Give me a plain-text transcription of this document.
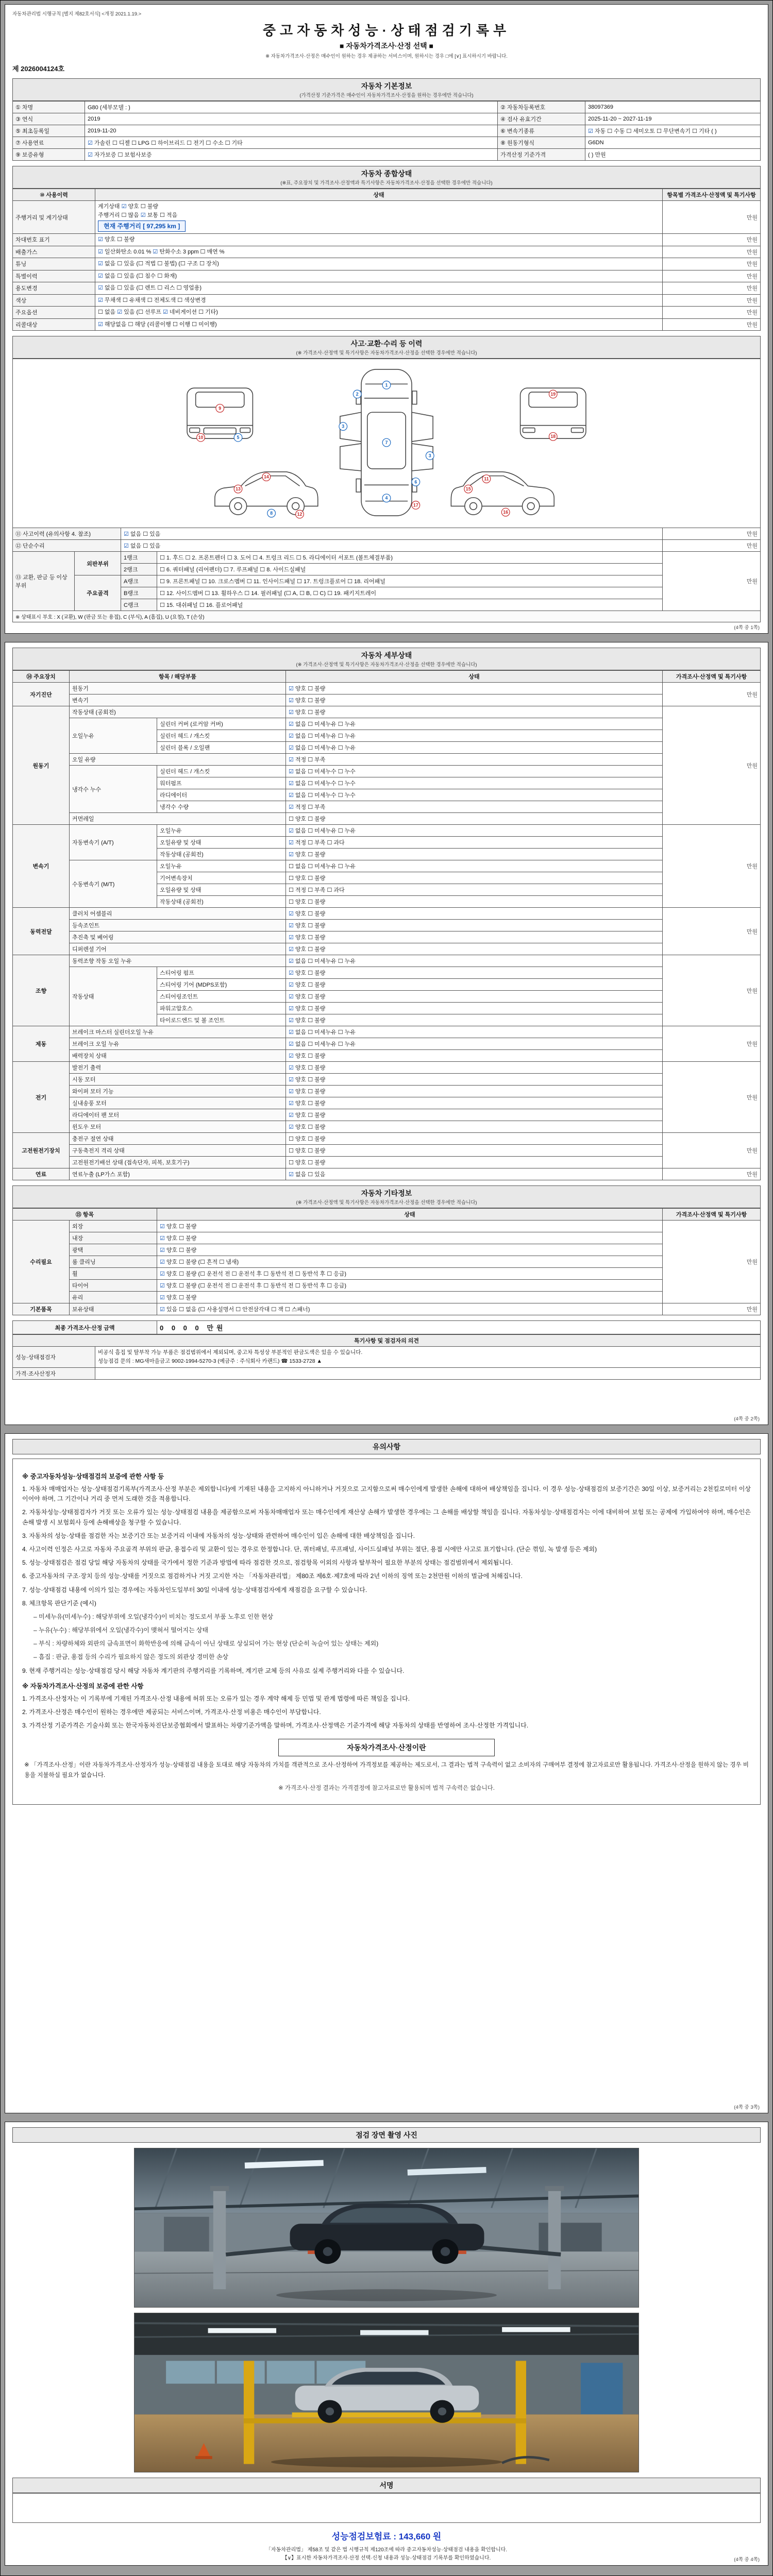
자동차관리법 시행규칙 [별지 제82호서식] <개정 2021.1.19.>
중고자동차성능·상태점검기록부
■ 자동차가격조사·산정 선택 ■
※ 자동차가격조사·산정은 매수인이 원하는 경우 제공하는 서비스이며, 원하시는 경우 □에 [∨] 표시하시기 바랍니다.
제 2026004124호
자동차 기본정보
(가격산정 기준가격은 매수인이 자동차가격조사·산정을 원하는 경우에만 적습니다)
① 차명	G80 (세부모델 : )	② 자동차등록번호	38097369
③ 연식	2019	④ 검사 유효기간	2025-11-20 ~ 2027-11-19
⑤ 최초등록일	2019-11-20	⑥ 변속기종류	☑ 자동 ☐ 수동 ☐ 세미오토 ☐ 무단변속기 ☐ 기타 ( )
⑦ 사용연료	☑ 가솔린 ☐ 디젤 ☐ LPG ☐ 하이브리드 ☐ 전기 ☐ 수소 ☐ 기타	⑧ 원동기형식	G6DN
⑨ 보증유형	☑ 자가보증 ☐ 보험사보증	가격산정 기준가격	( ) 만원
자동차 종합상태
(※표, 주요장치 및 가격조사·산정액과 특기사항은 자동차가격조사·산정을 선택한 경우에만 적습니다)
⑩ 사용이력	상태	항목별 가격조사·산정액 및 특기사항
주행거리 및 계기상태	계기상태 ☑ 양호 ☐ 불량
주행거리 ☐ 많음 ☑ 보통 ☐ 적음
현재 주행거리 [ 97,295 km ]	만원
차대번호 표기	☑ 양호 ☐ 불량	만원
배출가스	☑ 일산화탄소 0.01 % ☑ 탄화수소 3 ppm ☐ 매연 %	만원
튜닝	☑ 없음 ☐ 있음 (☐ 적법 ☐ 불법) (☐ 구조 ☐ 장치)	만원
특별이력	☑ 없음 ☐ 있음 (☐ 침수 ☐ 화재)	만원
용도변경	☑ 없음 ☐ 있음 (☐ 렌트 ☐ 리스 ☐ 영업용)	만원
색상	☑ 무채색 ☐ 유채색 ☐ 전체도색 ☐ 색상변경	만원
주요옵션	☐ 없음 ☑ 있음 (☐ 선루프 ☑ 네비게이션 ☐ 기타)	만원
리콜대상	☑ 해당없음 ☐ 해당 (리콜이행 ☐ 이행 ☐ 미이행)	만원
사고·교환·수리 등 이력
(※ 가격조사·산정액 및 특기사항은 자동차가격조사·산정을 선택한 경우에만 적습니다)
1
2
3
3
4
5
6
7
8
9
10
11
12
13
14
15
16
17
18
19

⑪ 사고이력 (유의사항 4. 참조)		☑ 없음 ☐ 있음		만원
⑫ 단순수리		☑ 없음 ☐ 있음		만원
⑬ 교환, 판금 등 이상 부위	외판부위	1랭크	☐ 1. 후드 ☐ 2. 프론트펜더 ☐ 3. 도어 ☐ 4. 트렁크 리드 ☐ 5. 라디에이터 서포트 (볼트체결부품)	만원
		2랭크	☐ 6. 쿼터패널 (리어펜더) ☐ 7. 루프패널 ☐ 8. 사이드실패널	
	주요골격	A랭크	☐ 9. 프론트패널 ☐ 10. 크로스멤버 ☐ 11. 인사이드패널 ☐ 17. 트렁크플로어 ☐ 18. 리어패널	
		B랭크	☐ 12. 사이드멤버 ☐ 13. 휠하우스 ☐ 14. 필러패널 (☐ A, ☐ B, ☐ C) ☐ 19. 패키지트레이	
		C랭크	☐ 15. 대쉬패널 ☐ 16. 플로어패널	
※ 상태표시 부호 : X (교환), W (판금 또는 용접), C (부식), A (흠집), U (요철), T (손상)				
(4쪽 중 1쪽)
자동차 세부상태
(※ 가격조사·산정액 및 특기사항은 자동차가격조사·산정을 선택한 경우에만 적습니다)
⑭ 주요장치	항목 / 해당부품		상태	가격조사·산정액 및 특기사항
자기진단	원동기		☑ 양호 ☐ 불량	만원
	변속기		☑ 양호 ☐ 불량	
원동기	작동상태 (공회전)		☑ 양호 ☐ 불량	만원
	오일누유	실린더 커버 (로커암 커버)	☑ 없음 ☐ 미세누유 ☐ 누유	
		실린더 헤드 / 개스킷	☑ 없음 ☐ 미세누유 ☐ 누유	
		실린더 블록 / 오일팬	☑ 없음 ☐ 미세누유 ☐ 누유	
	오일 유량		☑ 적정 ☐ 부족	
	냉각수 누수	실린더 헤드 / 개스킷	☑ 없음 ☐ 미세누수 ☐ 누수	
		워터펌프	☑ 없음 ☐ 미세누수 ☐ 누수	
		라디에이터	☑ 없음 ☐ 미세누수 ☐ 누수	
		냉각수 수량	☑ 적정 ☐ 부족	
	커먼레일		☐ 양호 ☐ 불량	
변속기	자동변속기 (A/T)	오일누유	☑ 없음 ☐ 미세누유 ☐ 누유	만원
		오일유량 및 상태	☑ 적정 ☐ 부족 ☐ 과다	
		작동상태 (공회전)	☑ 양호 ☐ 불량	
	수동변속기 (M/T)	오일누유	☐ 없음 ☐ 미세누유 ☐ 누유	
		기어변속장치	☐ 양호 ☐ 불량	
		오일유량 및 상태	☐ 적정 ☐ 부족 ☐ 과다	
		작동상태 (공회전)	☐ 양호 ☐ 불량	
동력전달	클러치 어셈블리		☑ 양호 ☐ 불량	만원
	등속조인트		☑ 양호 ☐ 불량	
	추진축 및 베어링		☑ 양호 ☐ 불량	
	디퍼렌셜 기어		☑ 양호 ☐ 불량	
조향	동력조향 작동 오일 누유		☑ 없음 ☐ 미세누유 ☐ 누유	만원
	작동상태	스티어링 펌프	☑ 양호 ☐ 불량	
		스티어링 기어 (MDPS포함)	☑ 양호 ☐ 불량	
		스티어링조인트	☑ 양호 ☐ 불량	
		파워고압호스	☑ 양호 ☐ 불량	
		타이로드엔드 및 볼 조인트	☑ 양호 ☐ 불량	
제동	브레이크 마스터 실린더오일 누유		☑ 없음 ☐ 미세누유 ☐ 누유	만원
	브레이크 오일 누유		☑ 없음 ☐ 미세누유 ☐ 누유	
	배력장치 상태		☑ 양호 ☐ 불량	
전기	발전기 출력		☑ 양호 ☐ 불량	만원
	시동 모터		☑ 양호 ☐ 불량	
	와이퍼 모터 기능		☑ 양호 ☐ 불량	
	실내송풍 모터		☑ 양호 ☐ 불량	
	라디에이터 팬 모터		☑ 양호 ☐ 불량	
	윈도우 모터		☑ 양호 ☐ 불량	
고전원전기장치	충전구 절연 상태		☐ 양호 ☐ 불량	만원
	구동축전지 격리 상태		☐ 양호 ☐ 불량	
	고전원전기배선 상태 (접속단자, 피복, 보호기구)		☐ 양호 ☐ 불량	
연료	연료누출 (LP가스 포함)		☑ 없음 ☐ 있음	만원
자동차 기타정보
(※ 가격조사·산정액 및 특기사항은 자동차가격조사·산정을 선택한 경우에만 적습니다)
⑮ 항목		상태	가격조사·산정액 및 특기사항
수리필요	외장	☑ 양호 ☐ 불량	만원
	내장	☑ 양호 ☐ 불량	
	광택	☑ 양호 ☐ 불량	
	룸 클리닝	☑ 양호 ☐ 불량 (☐ 흔적 ☐ 냄새)	
	휠	☑ 양호 ☐ 불량 (☐ 운전석 전 ☐ 운전석 후 ☐ 동반석 전 ☐ 동반석 후 ☐ 응급)	
	타이어	☑ 양호 ☐ 불량 (☐ 운전석 전 ☐ 운전석 후 ☐ 동반석 전 ☐ 동반석 후 ☐ 응급)	
	유리	☑ 양호 ☐ 불량	
기본품목	보유상태	☑ 있음 ☐ 없음 (☐ 사용설명서 ☐ 안전삼각대 ☐ 잭 ☐ 스패너)	만원
최종 가격조사·산정 금액	0 0 0 0 만원
특기사항 및 점검자의 의견	
성능·상태점검자	비공식 흠집 및 탈부착 가능 부품은 점검범위에서 제외되며, 중고차 특성상 부분적인 판금도색은 있을 수 있습니다.
성능점검 문의 : MG새마을금고 9002-1994-5270-3 (예금주 : 주식회사 카랜드) ☎ 1533-2728 ▲

가격·조사산정자	
(4쪽 중 2쪽)
유의사항
※ 중고자동차성능·상태점검의 보증에 관한 사항 등
1. 자동차 매매업자는 성능·상태점검기록부(가격조사·산정 부분은 제외합니다)에 기재된 내용을 고지하지 아니하거나 거짓으로 고지함으로써 매수인에게 발생한 손해에 대하여 배상책임을 집니다. 이 경우 성능·상태점검의 보증기간은 30일 이상, 보증거리는 2천킬로미터 이상이어야 하며, 그 기간이나 거리 중 먼저 도래한 것을 적용합니다.
2. 자동차성능·상태점검자가 거짓 또는 오류가 있는 성능·상태점검 내용을 제공함으로써 자동차매매업자 또는 매수인에게 재산상 손해가 발생한 경우에는 그 손해를 배상할 책임을 집니다. 자동차성능·상태점검자는 이에 대비하여 보험 또는 공제에 가입하여야 하며, 매수인은 손해 발생 시 보험회사 등에 손해배상을 청구할 수 있습니다.
3. 자동차의 성능·상태를 점검한 자는 보증기간 또는 보증거리 이내에 자동차의 성능·상태와 관련하여 매수인이 입은 손해에 대한 배상책임을 집니다.
4. 사고이력 인정은 사고로 자동차 주요골격 부위의 판금, 용접수리 및 교환이 있는 경우로 한정합니다. 단, 쿼터패널, 루프패널, 사이드실패널 부위는 절단, 용접 시에만 사고로 표기합니다. (단순 꺾임, 녹 발생 등은 제외)
5. 성능·상태점검은 점검 당일 해당 자동차의 상태를 국가에서 정한 기준과 방법에 따라 점검한 것으로, 점검항목 이외의 사항과 탈부착이 필요한 부분의 상태는 점검범위에서 제외됩니다.
6. 중고자동차의 구조·장치 등의 성능·상태를 거짓으로 점검하거나 거짓 고지한 자는 「자동차관리법」 제80조 제6호·제7호에 따라 2년 이하의 징역 또는 2천만원 이하의 벌금에 처해집니다.
7. 성능·상태점검 내용에 이의가 있는 경우에는 자동차인도일부터 30일 이내에 성능·상태점검자에게 재점검을 요구할 수 있습니다.
8. 체크항목 판단기준 (예시)
– 미세누유(미세누수) : 해당부위에 오일(냉각수)이 비치는 정도로서 부품 노후로 인한 현상
– 누유(누수) : 해당부위에서 오일(냉각수)이 맺혀서 떨어지는 상태
– 부식 : 차량하체와 외판의 금속표면이 화학반응에 의해 금속이 아닌 상태로 상실되어 가는 현상 (단순히 녹슬어 있는 상태는 제외)
– 흠집 : 판금, 용접 등의 수리가 필요하지 않은 정도의 외관상 경미한 손상
9. 현재 주행거리는 성능·상태점검 당시 해당 자동차 계기판의 주행거리를 기록하며, 계기판 교체 등의 사유로 실제 주행거리와 다를 수 있습니다.
※ 자동차가격조사·산정의 보증에 관한 사항
1. 가격조사·산정자는 이 기록부에 기재된 가격조사·산정 내용에 허위 또는 오류가 있는 경우 계약 해제 등 민법 및 관계 법령에 따른 책임을 집니다.
2. 가격조사·산정은 매수인이 원하는 경우에만 제공되는 서비스이며, 가격조사·산정 비용은 매수인이 부담합니다.
3. 가격산정 기준가격은 기술사회 또는 한국자동차진단보증협회에서 발표하는 차량기준가액을 말하며, 가격조사·산정액은 기준가격에 해당 자동차의 상태를 반영하여 조사·산정한 가격입니다.
자동차가격조사·산정이란
※ 「가격조사·산정」이란 자동차가격조사·산정자가 성능·상태점검 내용을 토대로 해당 자동차의 가치를 객관적으로 조사·산정하여 가격정보를 제공하는 제도로서, 그 결과는 법적 구속력이 없고 소비자의 구매여부 결정에 참고자료로만 활용됩니다. 가격조사·산정을 원하지 않는 경우 비용을 지불하실 필요가 없습니다.
※ 가격조사·산정 결과는 가격결정에 참고자료로만 활용되며 법적 구속력은 없습니다.
(4쪽 중 3쪽)
점검 장면 촬영 사진
서명
성능점검보험료 : 143,660 원
「자동차관리법」 제58조 및 같은 법 시행규칙 제120조에 따라 중고자동차성능·상태점검 내용을 확인합니다.
【∨】표시한 자동차가격조사·산정 선택·신청 내용과 성능·상태점검 기록부를 확인하였습니다.	(4쪽 중 4쪽)
